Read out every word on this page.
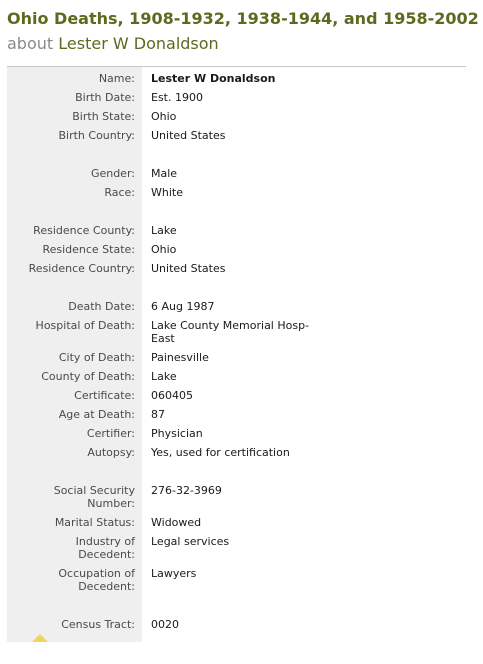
Ohio Deaths, 1908-1932, 1938-1944, and 1958-2002
about Lester W Donaldson
Name: Lester W Donaldson
Birth Date: Est. 1900
Birth State: Ohio
Birth Country: United States
Gender: Male
Race: White
Residence County: Lake
Residence State: Ohio
Residence Country: United States
Death Date: 6 Aug 1987
Hospital of Death: Lake County Memorial Hosp-
East
City of Death: Painesville
County of Death: Lake
Certificate: 060405
Age at Death: 87
Certifier: Physician
Autopsy: Yes, used for certification
Social Security
Number:
276-32-3969
Marital Status: Widowed
Industry of
Decedent:
Legal services
Occupation of
Decedent:
Lawyers
Census Tract: 0020
